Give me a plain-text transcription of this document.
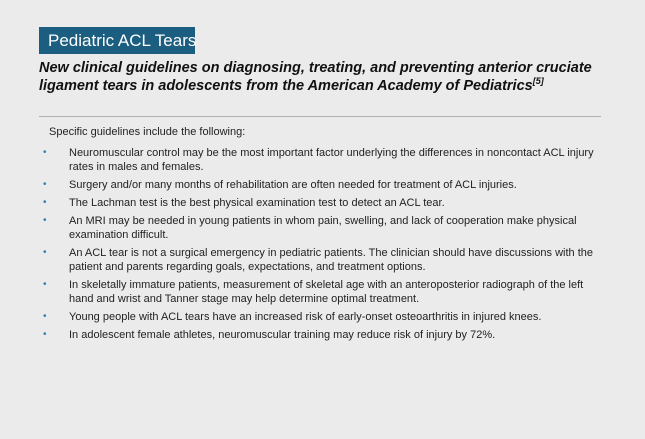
Pediatric ACL Tears
New clinical guidelines on diagnosing, treating, and preventing anterior cruciate ligament tears in adolescents from the American Academy of Pediatrics[5]
Specific guidelines include the following:
• Neuromuscular control may be the most important factor underlying the differences in noncontact ACL injury rates in males and females.
• Surgery and/or many months of rehabilitation are often needed for treatment of ACL injuries.
• The Lachman test is the best physical examination test to detect an ACL tear.
• An MRI may be needed in young patients in whom pain, swelling, and lack of cooperation make physical examination difficult.
• An ACL tear is not a surgical emergency in pediatric patients. The clinician should have discussions with the patient and parents regarding goals, expectations, and treatment options.
• In skeletally immature patients, measurement of skeletal age with an anteroposterior radiograph of the left hand and wrist and Tanner stage may help determine optimal treatment.
• Young people with ACL tears have an increased risk of early-onset osteoarthritis in injured knees.
• In adolescent female athletes, neuromuscular training may reduce risk of injury by 72%.
